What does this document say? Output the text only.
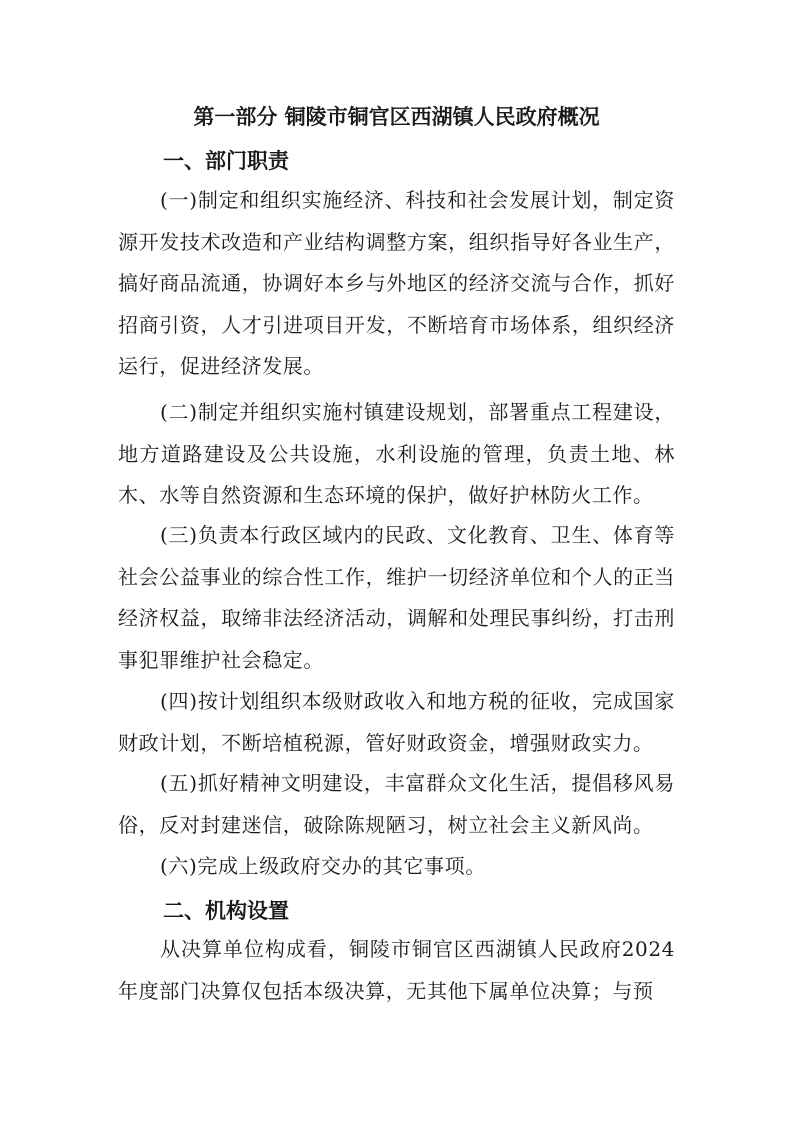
第一部分 铜陵市铜官区西湖镇人民政府概况
一、部门职责
(一)制定和组织实施经济、科技和社会发展计划，制定资源开发技术改造和产业结构调整方案，组织指导好各业生产，搞好商品流通，协调好本乡与外地区的经济交流与合作，抓好招商引资，人才引进项目开发，不断培育市场体系，组织经济运行，促进经济发展。
(二)制定并组织实施村镇建设规划，部署重点工程建设，地方道路建设及公共设施，水利设施的管理，负责土地、林木、水等自然资源和生态环境的保护，做好护林防火工作。
(三)负责本行政区域内的民政、文化教育、卫生、体育等社会公益事业的综合性工作，维护一切经济单位和个人的正当经济权益，取缔非法经济活动，调解和处理民事纠纷，打击刑事犯罪维护社会稳定。
(四)按计划组织本级财政收入和地方税的征收，完成国家财政计划，不断培植税源，管好财政资金，增强财政实力。
(五)抓好精神文明建设，丰富群众文化生活，提倡移风易俗，反对封建迷信，破除陈规陋习，树立社会主义新风尚。
(六)完成上级政府交办的其它事项。
二、机构设置
从决算单位构成看，铜陵市铜官区西湖镇人民政府2024年度部门决算仅包括本级决算，无其他下属单位决算；与预
